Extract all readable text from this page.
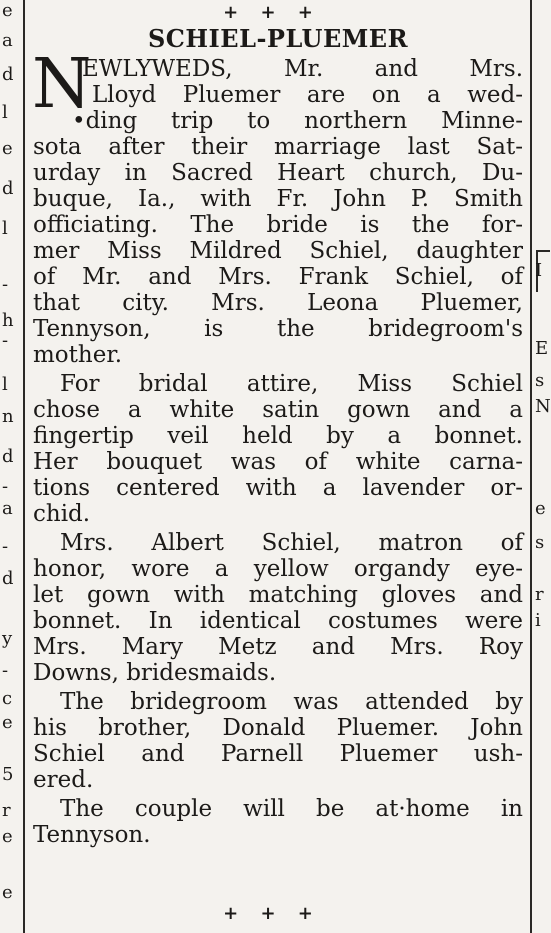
e
a
d
l
e
d
l
-
h
-
l
n
d
-
a
-
d
y
-
c
e
5
r
e
e
I
E
s
N
e
s
r
i
+ + +
SCHIEL-PLUEMER
N
EWLYWEDS, Mr. and Mrs.
Lloyd Pluemer are on a wed-
•ding trip to northern Minne-
sota after their marriage last Sat-
urday in Sacred Heart church, Du-
buque, Ia., with Fr. John P. Smith
officiating. The bride is the for-
mer Miss Mildred Schiel, daughter
of Mr. and Mrs. Frank Schiel, of
that city. Mrs. Leona Pluemer,
Tennyson, is the bridegroom's
mother.
For bridal attire, Miss Schiel
chose a white satin gown and a
fingertip veil held by a bonnet.
Her bouquet was of white carna-
tions centered with a lavender or-
chid.
Mrs. Albert Schiel, matron of
honor, wore a yellow organdy eye-
let gown with matching gloves and
bonnet. In identical costumes were
Mrs. Mary Metz and Mrs. Roy
Downs, bridesmaids.
The bridegroom was attended by
his brother, Donald Pluemer. John
Schiel and Parnell Pluemer ush-
ered.
The couple will be at·home in
Tennyson.
+ + +
